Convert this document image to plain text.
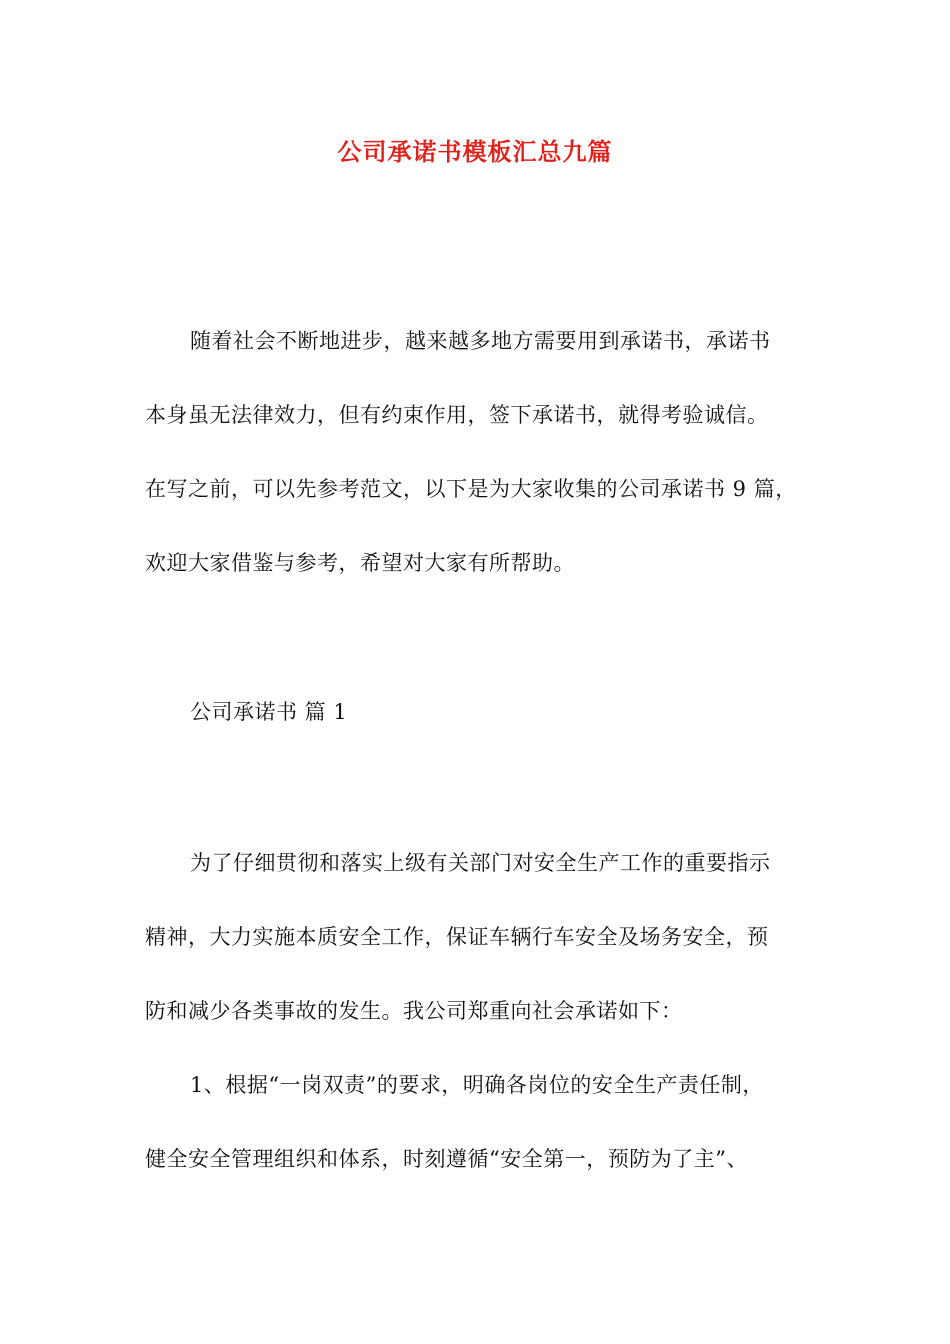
公司承诺书模板汇总九篇
随着社会不断地进步，越来越多地方需要用到承诺书，承诺书
本身虽无法律效力，但有约束作用，签下承诺书，就得考验诚信。
在写之前，可以先参考范文，以下是为大家收集的公司承诺书 9 篇，
欢迎大家借鉴与参考，希望对大家有所帮助。
公司承诺书 篇 1
为了仔细贯彻和落实上级有关部门对安全生产工作的重要指示
精神，大力实施本质安全工作，保证车辆行车安全及场务安全，预
防和减少各类事故的发生。我公司郑重向社会承诺如下：
1、根据“一岗双责”的要求，明确各岗位的安全生产责任制，
健全安全管理组织和体系，时刻遵循“安全第一，预防为了主”、
